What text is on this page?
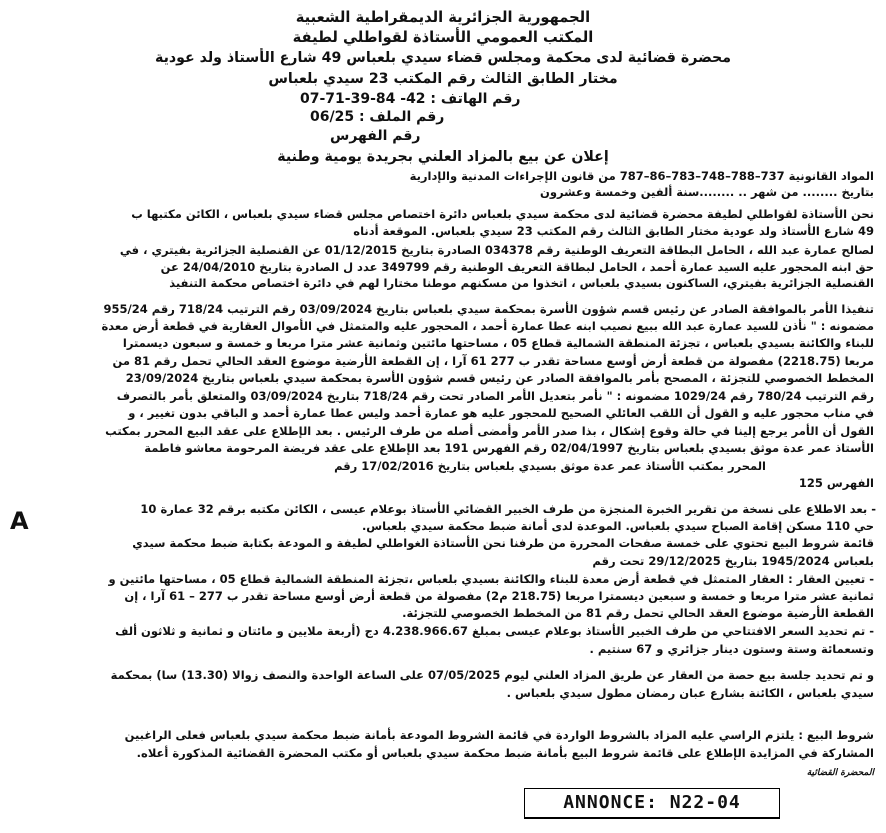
الجمهورية الجزائرية الديمقراطية الشعبية
المكتب العمومي الأستاذة لقواطلي لطيفة
محضرة قضائية لدى محكمة ومجلس قضاء سيدي بلعباس 49 شارع الأستاذ ولد عودية
مختار الطابق الثالث رقم المكتب 23 سيدي بلعباس
رقم الهاتف : 42- 84-39-71-07
رقم الملف : 06/25
رقم الفهرس
إعلان عن بيع بالمزاد العلني بجريدة يومية وطنية
المواد القانونية 737–788–748–783–86–787 من قانون الإجراءات المدنية والإدارية
بتاريخ ........ من شهر .. ........سنة ألفين وخمسة وعشرون
نحن الأستاذة لقواطلي لطيفة محضرة قضائية لدى محكمة سيدي بلعباس دائرة اختصاص مجلس قضاء سيدي بلعباس ، الكائن مكتبها ب
49 شارع الأستاذ ولد عودية مختار الطابق الثالث رقم المكتب 23 سيدي بلعباس. الموقعة أدناه
لصالح عمارة عبد الله ، الحامل البطاقة التعريف الوطنية رقم 034378 الصادرة بتاريخ 01/12/2015 عن القنصلية الجزائرية بفيتري ، في
حق ابنه المحجور عليه السيد عمارة أحمد ، الحامل لبطاقة التعريف الوطنية رقم 349799 عدد ل الصادرة بتاريخ 24/04/2010 عن
القنصلية الجزائرية بفيتري، الساكنون بسيدي بلعباس ، اتخذوا من مسكنهم موطنا مختارا لهم في دائرة اختصاص محكمة التنفيذ
تنفيذا الأمر بالموافقة الصادر عن رئيس قسم شؤون الأسرة بمحكمة سيدي بلعباس بتاريخ 03/09/2024 رقم الترتيب 718/24 رقم 955/24
مضمونه : " نأذن للسيد عمارة عبد الله ببيع نصيب ابنه عطا عمارة أحمد ، المحجور عليه والمتمثل في الأموال العقارية في قطعة أرض معدة
للبناء والكائنة بسيدي بلعباس ، تجزئة المنطقة الشمالية قطاع 05 ، مساحتها مائتين وثمانية عشر مترا مربعا و خمسة و سبعون ديسمترا
مربعا (2218.75) مفصولة من قطعة أرض أوسع مساحة تقدر ب 277 61 آرا ، إن القطعة الأرضية موضوع العقد الحالي تحمل رقم 81 من
المخطط الخصوصي للتجزئة ، المصحح بأمر بالموافقة الصادر عن رئيس قسم شؤون الأسرة بمحكمة سيدي بلعباس بتاريخ 23/09/2024
رقم الترتيب 780/24 رقم 1029/24 مضمونه : " نأمر بتعديل الأمر الصادر تحت رقم 718/24 بتاريخ 03/09/2024 والمتعلق بأمر بالتصرف
في مناب محجور عليه و القول أن اللقب العائلي الصحيح للمحجور عليه هو عمارة أحمد وليس عطا عمارة أحمد و الباقي بدون تغيير ، و
القول أن الأمر يرجع إلينا في حالة وقوع إشكال ، بذا صدر الأمر وأمضى أصله من طرف الرئيس . بعد الإطلاع على عقد البيع المحرر بمكتب
الأستاذ عمر عدة موثق بسيدي بلعباس بتاريخ 02/04/1997 رقم الفهرس 191 بعد الإطلاع على عقد فريضة المرحومة معاشو فاطمة
المحرر بمكتب الأستاذ عمر عدة موثق بسيدي بلعباس بتاريخ 17/02/2016 رقم
الفهرس 125
- بعد الاطلاع على نسخة من تقرير الخبرة المنجزة من طرف الخبير القضائي الأستاذ بوعلام عيسى ، الكائن مكتبه برقم 32 عمارة 10
حي 110 مسكن إقامة الصباح سيدي بلعباس. الموعدة لدى أمانة ضبط محكمة سيدي بلعباس.
قائمة شروط البيع تحتوي على خمسة صفحات المحررة من طرفنا نحن الأستاذة الغواطلي لطيفة و المودعة بكتابة ضبط محكمة سيدي
بلعباس 1945/2024 بتاريخ 29/12/2025 تحت رقم
- تعيين العقار : العقار المتمثل في قطعة أرض معدة للبناء والكائنة بسيدي بلعباس ،تجزئة المنطقة الشمالية قطاع 05 ، مساحتها مائتين و
ثمانية عشر مترا مربعا و خمسة و سبعين ديسمترا مربعا (218.75 م2) مفصولة من قطعة أرض أوسع مساحة تقدر ب 277 – 61 آرا ، إن
القطعة الأرضية موضوع العقد الحالي تحمل رقم 81 من المخطط الخصوصي للتجزئة.
- تم تحديد السعر الافتتاحي من طرف الخبير الأستاذ بوعلام عيسى بمبلغ 4.238.966.67 دج (أربعة ملايين و مائتان و ثمانية و ثلاثون ألف
وتسعمائة وستة وستون دينار جزائري و 67 سنتيم .
و تم تحديد جلسة بيع حصة من العقار عن طريق المزاد العلني ليوم 07/05/2025 على الساعة الواحدة والنصف زوالا (13.30) سا) بمحكمة
سيدي بلعباس ، الكائنة بشارع عبان رمضان مطول سيدي بلعباس .
شروط البيع : يلتزم الراسي عليه المزاد بالشروط الواردة في قائمة الشروط المودعة بأمانة ضبط محكمة سيدي بلعباس فعلى الراغبين
المشاركة في المزايدة الإطلاع على قائمة شروط البيع بأمانة ضبط محكمة سيدي بلعباس أو مكتب المحضرة القضائية المذكورة أعلاه.
A
المحضرة القضائية
ANNONCE: N22-04
